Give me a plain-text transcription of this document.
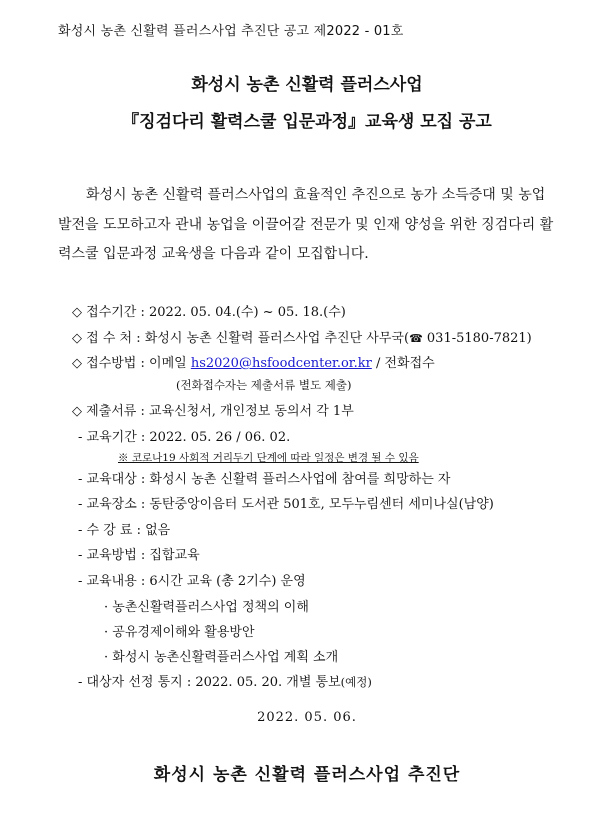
화성시 농촌 신활력 플러스사업 추진단 공고 제2022 - 01호
화성시 농촌 신활력 플러스사업
『징검다리 활력스쿨 입문과정』교육생 모집 공고
화성시 농촌 신활력 플러스사업의 효율적인 추진으로 농가 소득증대 및 농업 발전을 도모하고자 관내 농업을 이끌어갈 전문가 및 인재 양성을 위한 징검다리 활력스쿨 입문과정 교육생을 다음과 같이 모집합니다.
◇ 접수기간 : 2022. 05. 04.(수) ~ 05. 18.(수)
◇ 접 수 처 : 화성시 농촌 신활력 플러스사업 추진단 사무국(☎ 031-5180-7821)
◇ 접수방법 : 이메일 hs2020@hsfoodcenter.or.kr / 전화접수
(전화접수자는 제출서류 별도 제출)
◇ 제출서류 : 교육신청서, 개인정보 동의서 각 1부
- 교육기간 : 2022. 05. 26 / 06. 02.
※ 코로나19 사회적 거리두기 단계에 따라 일정은 변경 될 수 있음
- 교육대상 : 화성시 농촌 신활력 플러스사업에 참여를 희망하는 자
- 교육장소 : 동탄중앙이음터 도서관 501호, 모두누림센터 세미나실(남양)
- 수 강 료 : 없음
- 교육방법 : 집합교육
- 교육내용 : 6시간 교육 (총 2기수) 운영
· 농촌신활력플러스사업 정책의 이해
· 공유경제이해와 활용방안
· 화성시 농촌신활력플러스사업 계획 소개
- 대상자 선정 통지 : 2022. 05. 20. 개별 통보(예정)
2022. 05. 06.
화성시 농촌 신활력 플러스사업 추진단
